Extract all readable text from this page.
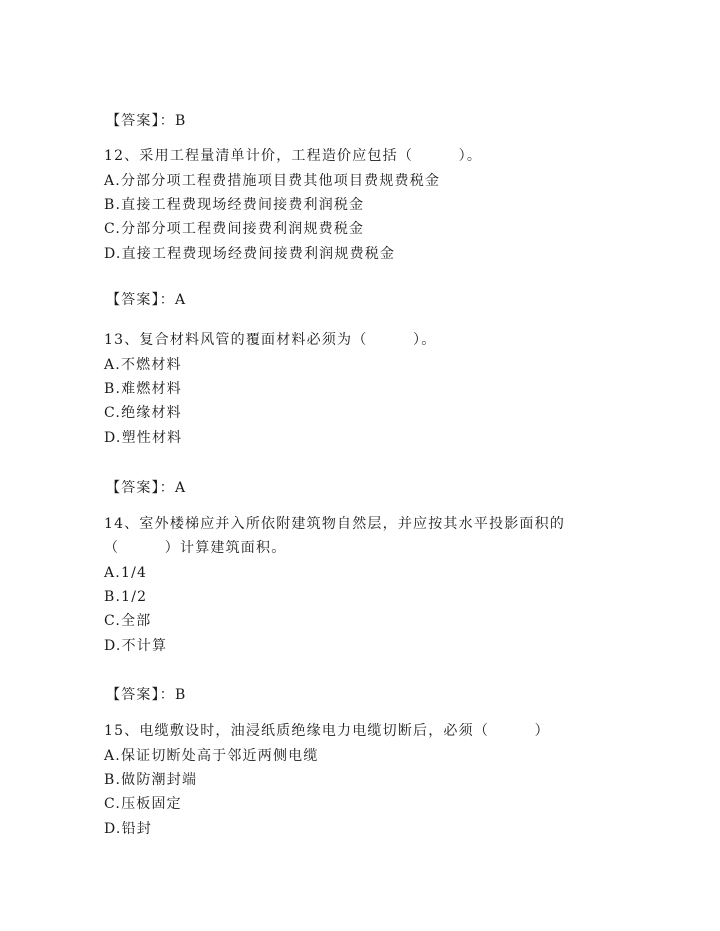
【答案】：B
12、采用工程量清单计价，工程造价应包括（　　　）。
A.分部分项工程费措施项目费其他项目费规费税金
B.直接工程费现场经费间接费利润税金
C.分部分项工程费间接费利润规费税金
D.直接工程费现场经费间接费利润规费税金
【答案】：A
13、复合材料风管的覆面材料必须为（　　　）。
A.不燃材料
B.难燃材料
C.绝缘材料
D.塑性材料
【答案】：A
14、室外楼梯应并入所依附建筑物自然层，并应按其水平投影面积的
（　　　）计算建筑面积。
A.1/4
B.1/2
C.全部
D.不计算
【答案】：B
15、电缆敷设时，油浸纸质绝缘电力电缆切断后，必须（　　　）
A.保证切断处高于邻近两侧电缆
B.做防潮封端
C.压板固定
D.铅封
